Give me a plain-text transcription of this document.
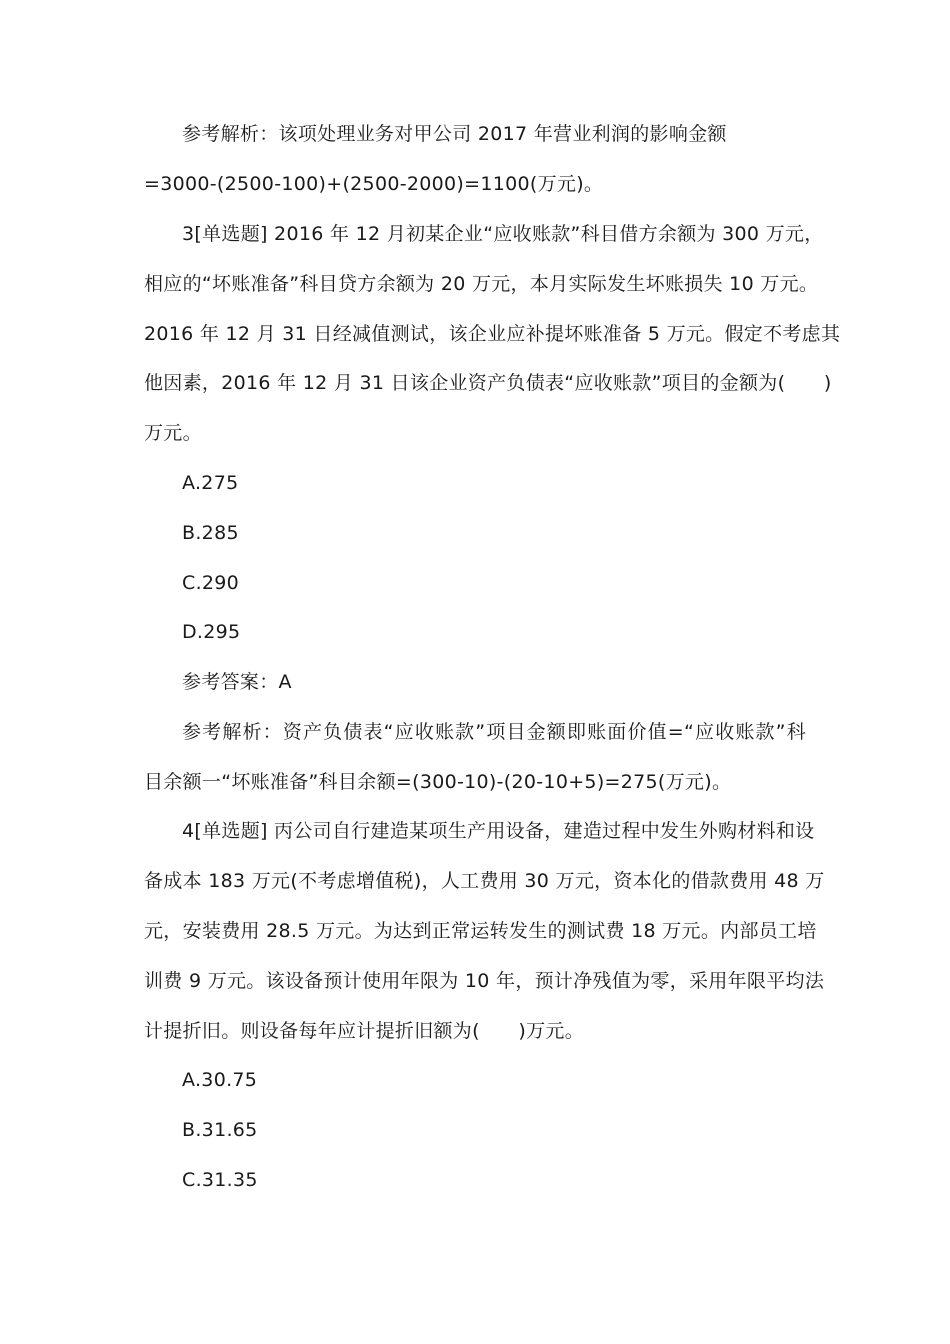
参考解析：该项处理业务对甲公司 2017 年营业利润的影响金额
=3000-(2500-100)+(2500-2000)=1100(万元)。
3[单选题] 2016 年 12 月初某企业“应收账款”科目借方余额为 300 万元，
相应的“坏账准备”科目贷方余额为 20 万元，本月实际发生坏账损失 10 万元。
2016 年 12 月 31 日经减值测试，该企业应补提坏账准备 5 万元。假定不考虑其
他因素，2016 年 12 月 31 日该企业资产负债表“应收账款”项目的金额为(　　)
万元。
A.275
B.285
C.290
D.295
参考答案：A
参考解析：资产负债表“应收账款”项目金额即账面价值=“应收账款”科
目余额一“坏账准备”科目余额=(300-10)-(20-10+5)=275(万元)。
4[单选题] 丙公司自行建造某项生产用设备，建造过程中发生外购材料和设
备成本 183 万元(不考虑增值税)，人工费用 30 万元，资本化的借款费用 48 万
元，安装费用 28.5 万元。为达到正常运转发生的测试费 18 万元。内部员工培
训费 9 万元。该设备预计使用年限为 10 年，预计净残值为零，采用年限平均法
计提折旧。则设备每年应计提折旧额为(　　)万元。
A.30.75
B.31.65
C.31.35
